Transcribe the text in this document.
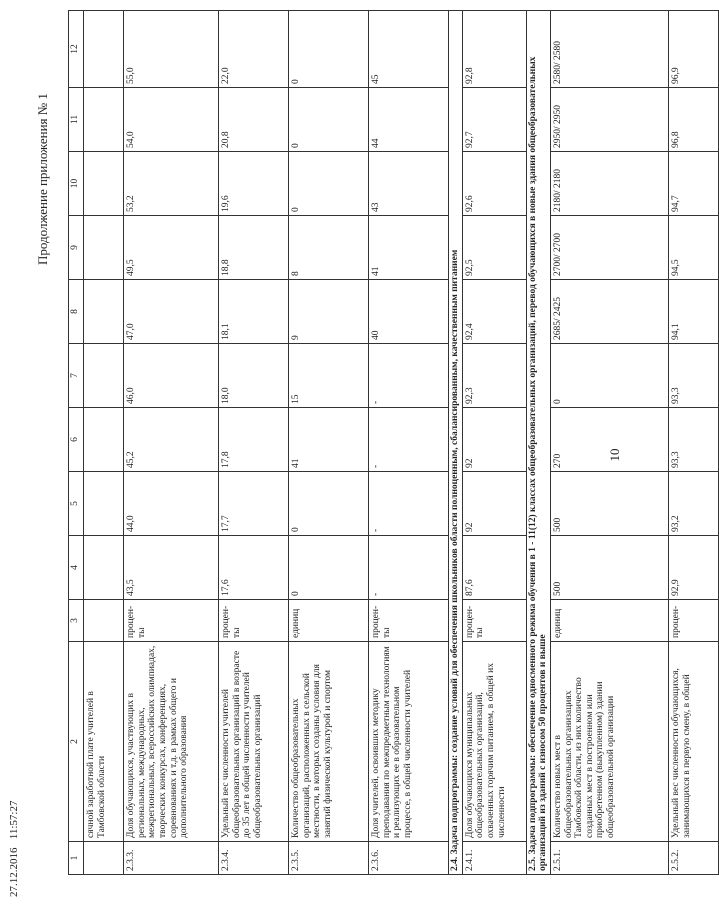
10
Продолжение приложения № 1
27.12.2016   11:57:27
1	2	3	4	5	6	7	8	9	10	11	12
	сячной заработной плате учителей в Тамбовской области										
2.3.3.	Доля обучающихся, участвующих в региональных, международных, межрегиональных, всероссийских олимпиадах, творческих конкурсах, конференциях, соревнованиях и т.д. в рамках общего и дополнительного образования	процен-ты	43,5	44,0	45,2	46,0	47,0	49,5	53,2	54,0	55,0
2.3.4.	Удельный вес численности учителей общеобразовательных организаций в возрасте до 35 лет в общей численности учителей общеобразовательных организаций	процен-ты	17,6	17,7	17,8	18,0	18,1	18,8	19,6	20,8	22,0
2.3.5.	Количество общеобразовательных организаций, расположенных в сельской местности, в которых созданы условия для занятий физической культурой и спортом	единиц	0	0	41	15	9	8	0	0	0
2.3.6.	Доля учителей, освоивших методику преподавания по межпредметным технологиям и реализующих ее в образовательном процессе, в общей численности учителей	процен-ты	-	-	-	-	40	41	43	44	45
2.4. Задача подпрограммы: создание условий для обеспечения школьников области полноценным, сбалансированным, качественным питанием											
2.4.1.	Доля обучающихся муниципальных общеобразовательных организаций, охваченных горячим питанием, в общей их численности	процен-ты	87,6	92	92	92,3	92,4	92,5	92,6	92,7	92,8
2.5. Задача подпрограммы: обеспечение односменного режима обучения в 1 - 11(12) классах общеобразовательных организаций, перевод обучающихся в новые здания общеобразовательных организаций из зданий с износом 50 процентов и выше											
2.5.1.	Количество новых мест в общеобразовательных организациях Тамбовской области, из них количество созданных мест в построенном или приобретенном (выкупленном) здании общеобразовательной организации	единиц	500	500	270	0	2685/ 2425	2700/ 2700	2180/ 2180	2950/ 2950	2580/ 2580
2.5.2.	Удельный вес численности обучающихся, занимающихся в первую смену, в общей	процен-	92,9	93,2	93,3	93,3	94,1	94,5	94,7	96,8	96,9
